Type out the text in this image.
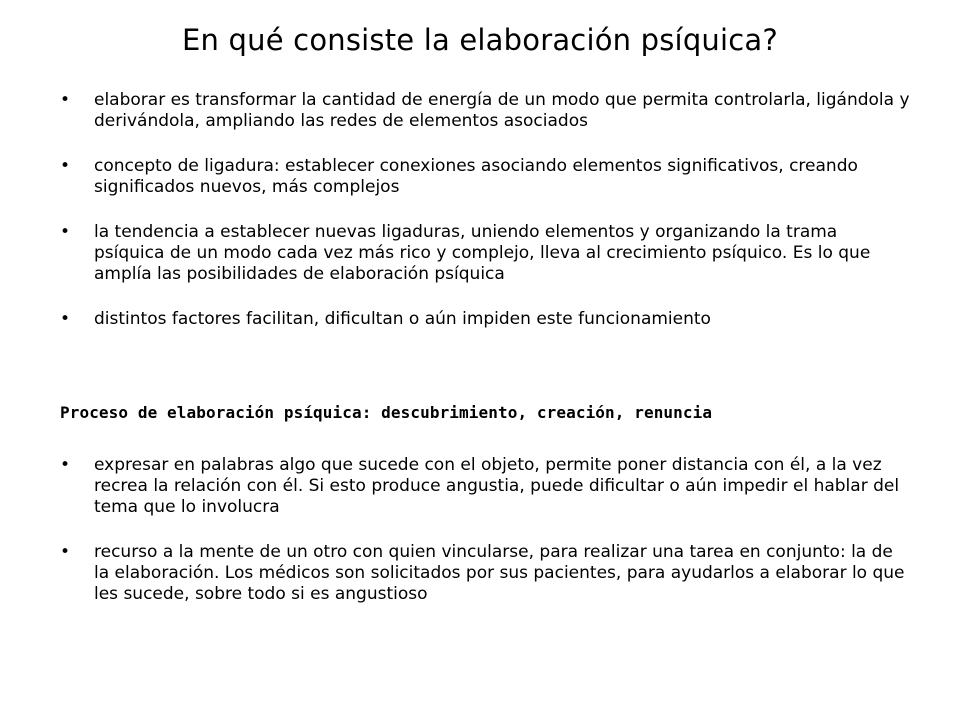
En qué consiste la elaboración psíquica?
• elaborar es transformar la cantidad de energía de un modo que permita controlarla, ligándola y derivándola, ampliando las redes de elementos asociados
• concepto de ligadura: establecer conexiones asociando elementos significativos, creando significados nuevos, más complejos
• la tendencia a establecer nuevas ligaduras, uniendo elementos y organizando la trama psíquica de un modo cada vez más rico y complejo, lleva al crecimiento psíquico. Es lo que amplía las posibilidades de elaboración psíquica
• distintos factores facilitan, dificultan o aún impiden este funcionamiento
Proceso de elaboración psíquica: descubrimiento, creación, renuncia
• expresar en palabras algo que sucede con el objeto, permite poner distancia con él, a la vez recrea la relación con él. Si esto produce angustia, puede dificultar o aún impedir el hablar del tema que lo involucra
• recurso a la mente de un otro con quien vincularse, para realizar una tarea en conjunto: la de la elaboración. Los médicos son solicitados por sus pacientes, para ayudarlos a elaborar lo que les sucede, sobre todo si es angustioso
